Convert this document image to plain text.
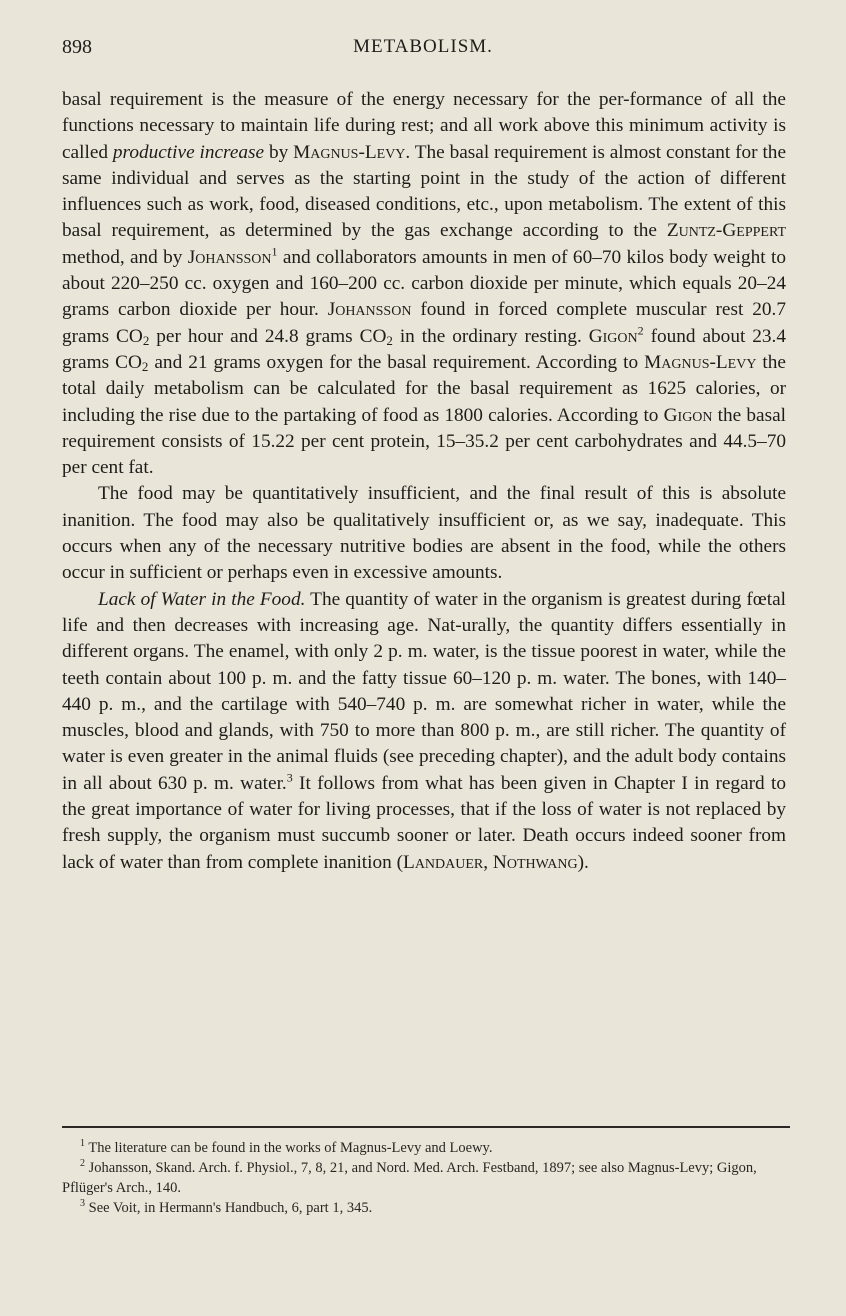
898	METABOLISM.

basal requirement is the measure of the energy necessary for the per-formance of all the functions necessary to maintain life during rest; and all work above this minimum activity is called productive increase by Magnus-Levy. The basal requirement is almost constant for the same individual and serves as the starting point in the study of the action of different influences such as work, food, diseased conditions, etc., upon metabolism. The extent of this basal requirement, as determined by the gas exchange according to the Zuntz-Geppert method, and by Johansson$^1$ and collaborators amounts in men of 60–70 kilos body weight to about 220–250 cc. oxygen and 160–200 cc. carbon dioxide per minute, which equals 20–24 grams carbon dioxide per hour. Johansson found in forced complete muscular rest 20.7 grams $CO_2$ per hour and 24.8 grams $CO_2$ in the ordinary resting. Gigon$^2$ found about 23.4 grams $CO_2$ and 21 grams oxygen for the basal requirement. According to Magnus-Levy the total daily metabolism can be calculated for the basal requirement as 1625 calories, or including the rise due to the partaking of food as 1800 calories. According to Gigon the basal requirement consists of 15.22 per cent protein, 15–35.2 per cent carbohydrates and 44.5–70 per cent fat.

The food may be quantitatively insufficient, and the final result of this is absolute inanition. The food may also be qualitatively insufficient or, as we say, inadequate. This occurs when any of the necessary nutritive bodies are absent in the food, while the others occur in sufficient or perhaps even in excessive amounts.

Lack of Water in the Food. The quantity of water in the organism is greatest during fœtal life and then decreases with increasing age. Nat-urally, the quantity differs essentially in different organs. The enamel, with only 2 p. m. water, is the tissue poorest in water, while the teeth contain about 100 p. m. and the fatty tissue 60–120 p. m. water. The bones, with 140–440 p. m., and the cartilage with 540–740 p. m. are somewhat richer in water, while the muscles, blood and glands, with 750 to more than 800 p. m., are still richer. The quantity of water is even greater in the animal fluids (see preceding chapter), and the adult body contains in all about 630 p. m. water.$^3$ It follows from what has been given in Chapter I in regard to the great importance of water for living processes, that if the loss of water is not replaced by fresh supply, the organism must succumb sooner or later. Death occurs indeed sooner from lack of water than from complete inanition (Landauer, Nothwang).

$^1$ The literature can be found in the works of Magnus-Levy and Loewy.

$^2$ Johansson, Skand. Arch. f. Physiol., 7, 8, 21, and Nord. Med. Arch. Festband, 1897; see also Magnus-Levy; Gigon, Pflüger's Arch., 140.

$^3$ See Voit, in Hermann's Handbuch, 6, part 1, 345.
